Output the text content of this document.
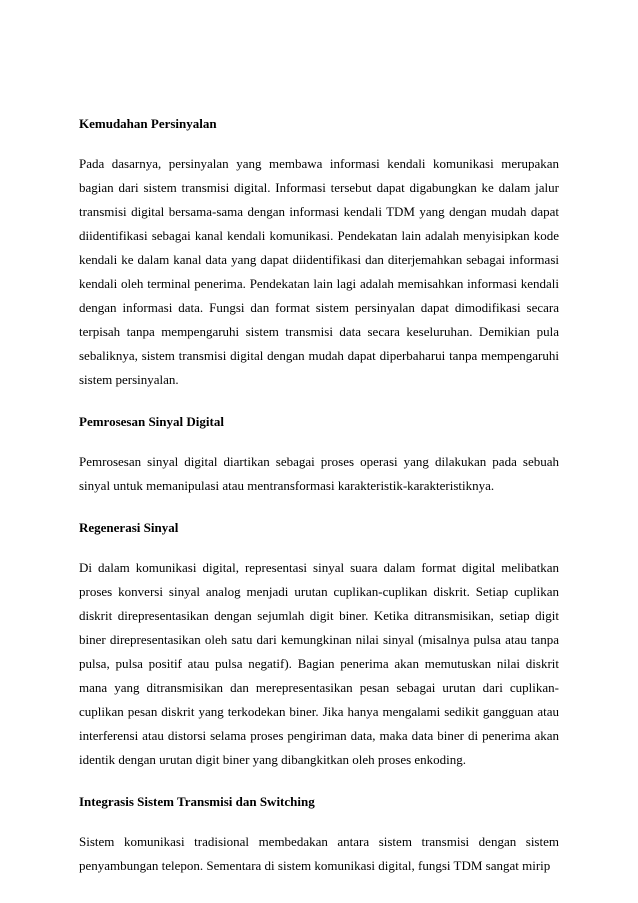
Kemudahan Persinyalan
Pada dasarnya, persinyalan yang membawa informasi kendali komunikasi merupakan bagian dari sistem transmisi digital. Informasi tersebut dapat digabungkan ke dalam jalur transmisi digital bersama-sama dengan informasi kendali TDM yang dengan mudah dapat diidentifikasi sebagai kanal kendali komunikasi. Pendekatan lain adalah menyisipkan kode kendali ke dalam kanal data yang dapat diidentifikasi dan diterjemahkan sebagai informasi kendali oleh terminal penerima. Pendekatan lain lagi adalah memisahkan informasi kendali dengan informasi data. Fungsi dan format sistem persinyalan dapat dimodifikasi secara terpisah tanpa mempengaruhi sistem transmisi data secara keseluruhan. Demikian pula sebaliknya, sistem transmisi digital dengan mudah dapat diperbaharui tanpa mempengaruhi sistem persinyalan.
Pemrosesan Sinyal Digital
Pemrosesan sinyal digital diartikan sebagai proses operasi yang dilakukan pada sebuah sinyal untuk memanipulasi atau mentransformasi karakteristik-karakteristiknya.
Regenerasi Sinyal
Di dalam komunikasi digital, representasi sinyal suara dalam format digital melibatkan proses konversi sinyal analog menjadi urutan cuplikan-cuplikan diskrit. Setiap cuplikan diskrit direpresentasikan dengan sejumlah digit biner. Ketika ditransmisikan, setiap digit biner direpresentasikan oleh satu dari kemungkinan nilai sinyal (misalnya pulsa atau tanpa pulsa, pulsa positif atau pulsa negatif). Bagian penerima akan memutuskan nilai diskrit mana yang ditransmisikan dan merepresentasikan pesan sebagai urutan dari cuplikan-cuplikan pesan diskrit yang terkodekan biner. Jika hanya mengalami sedikit gangguan atau interferensi atau distorsi selama proses pengiriman data, maka data biner di penerima akan identik dengan urutan digit biner yang dibangkitkan oleh proses enkoding.
Integrasis Sistem Transmisi dan Switching
Sistem komunikasi tradisional membedakan antara sistem transmisi dengan sistem penyambungan telepon. Sementara di sistem komunikasi digital, fungsi TDM sangat mirip
